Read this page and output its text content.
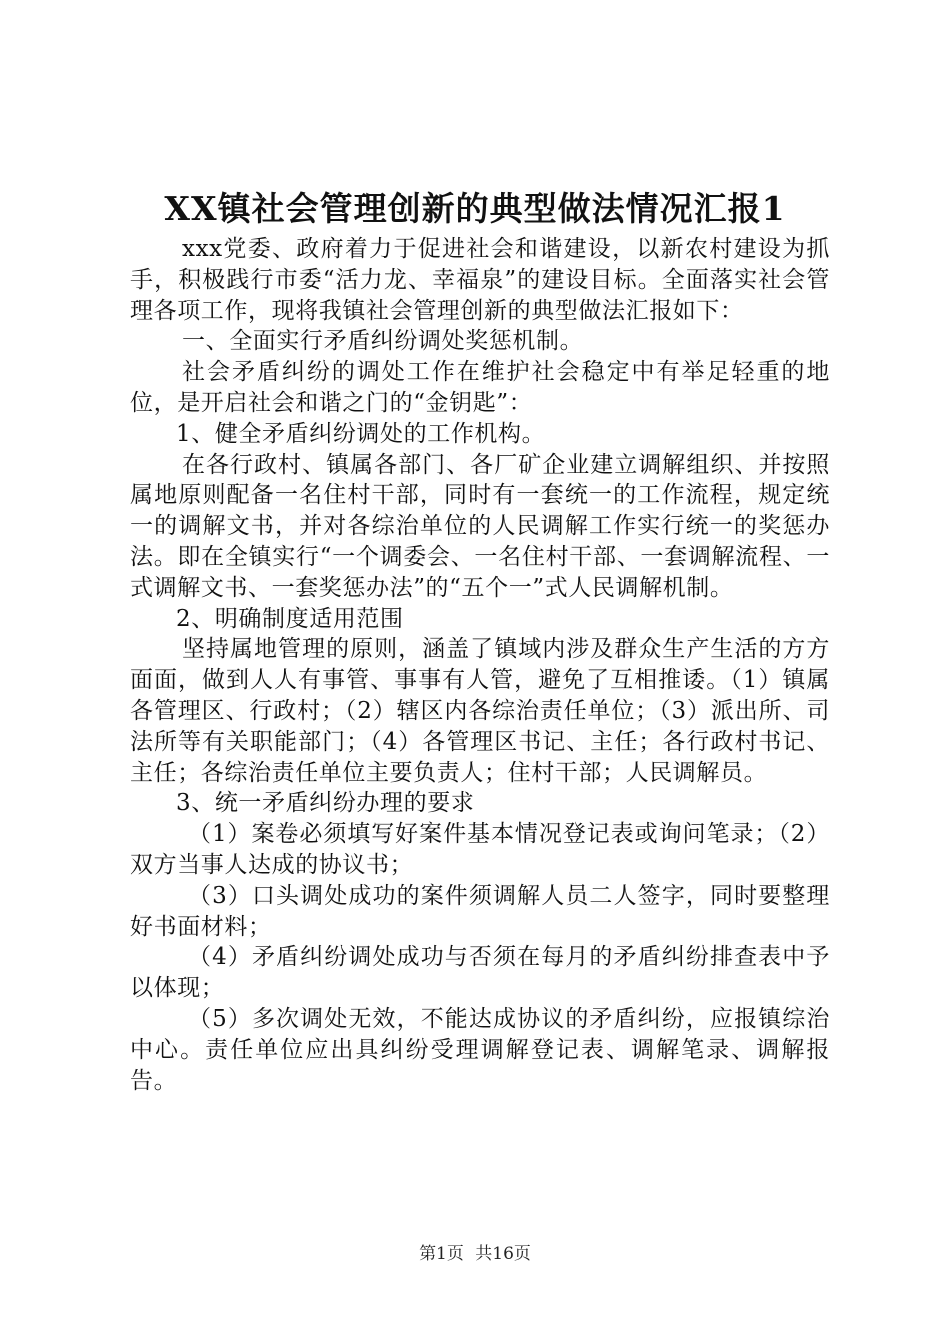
XX镇社会管理创新的典型做法情况汇报1

xxx党委、政府着力于促进社会和谐建设，以新农村建设为抓手，积极践行市委“活力龙、幸福泉”的建设目标。全面落实社会管理各项工作，现将我镇社会管理创新的典型做法汇报如下：

一、全面实行矛盾纠纷调处奖惩机制。

社会矛盾纠纷的调处工作在维护社会稳定中有举足轻重的地位，是开启社会和谐之门的“金钥匙”：

1、健全矛盾纠纷调处的工作机构。

在各行政村、镇属各部门、各厂矿企业建立调解组织、并按照属地原则配备一名住村干部，同时有一套统一的工作流程，规定统一的调解文书，并对各综治单位的人民调解工作实行统一的奖惩办法。即在全镇实行“一个调委会、一名住村干部、一套调解流程、一式调解文书、一套奖惩办法”的“五个一”式人民调解机制。

2、明确制度适用范围

坚持属地管理的原则，涵盖了镇域内涉及群众生产生活的方方面面，做到人人有事管、事事有人管，避免了互相推诿。（1）镇属各管理区、行政村；（2）辖区内各综治责任单位；（3）派出所、司法所等有关职能部门；（4）各管理区书记、主任；各行政村书记、主任；各综治责任单位主要负责人；住村干部；人民调解员。

3、统一矛盾纠纷办理的要求

（1）案卷必须填写好案件基本情况登记表或询问笔录；（2）双方当事人达成的协议书；

（3）口头调处成功的案件须调解人员二人签字，同时要整理好书面材料；

（4）矛盾纠纷调处成功与否须在每月的矛盾纠纷排查表中予以体现；

（5）多次调处无效，不能达成协议的矛盾纠纷，应报镇综治中心。责任单位应出具纠纷受理调解登记表、调解笔录、调解报告。

第1页 共16页
